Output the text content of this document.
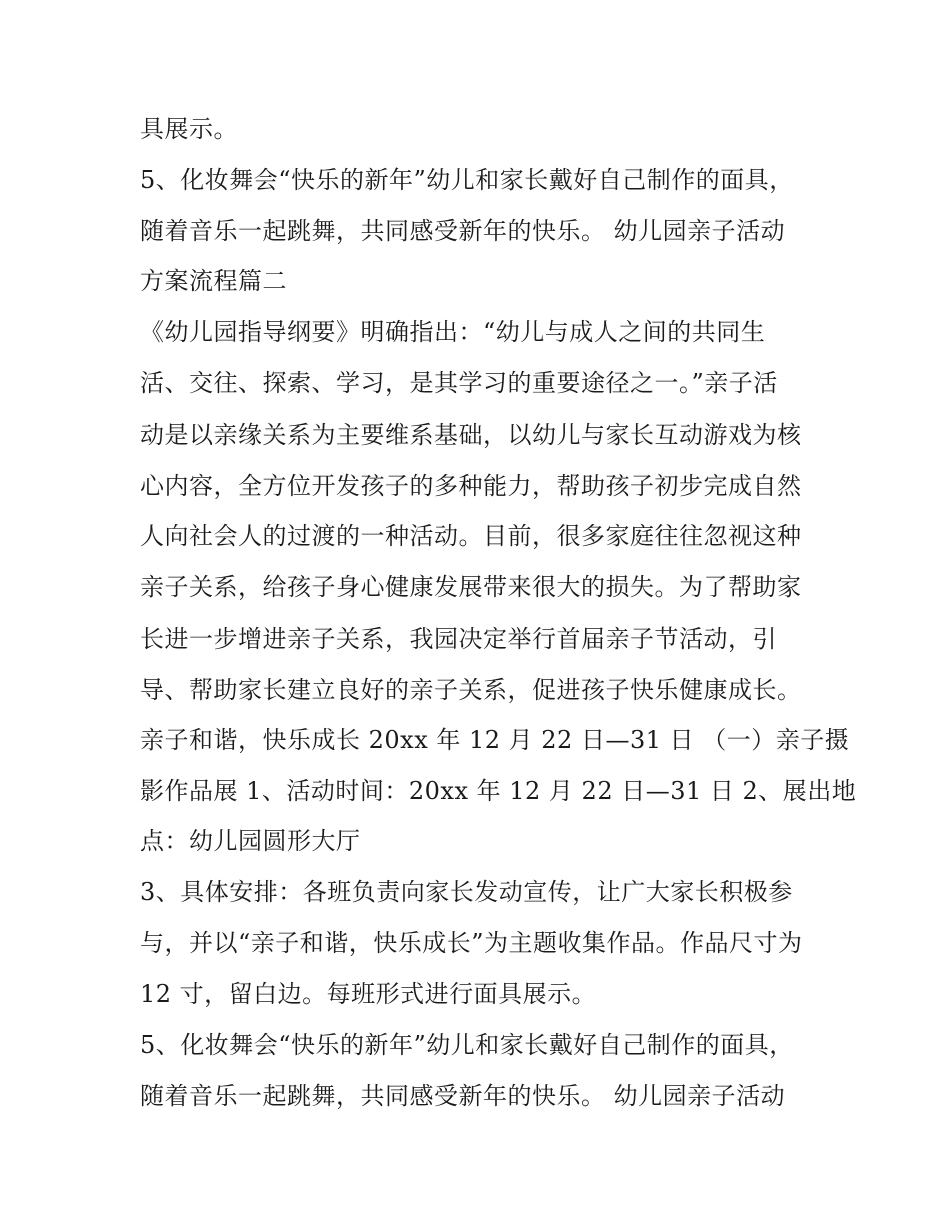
具展示。
5、化妆舞会“快乐的新年”幼儿和家长戴好自己制作的面具，
随着音乐一起跳舞，共同感受新年的快乐。 幼儿园亲子活动
方案流程篇二
《幼儿园指导纲要》明确指出：“幼儿与成人之间的共同生
活、交往、探索、学习，是其学习的重要途径之一。”亲子活
动是以亲缘关系为主要维系基础，以幼儿与家长互动游戏为核
心内容，全方位开发孩子的多种能力，帮助孩子初步完成自然
人向社会人的过渡的一种活动。目前，很多家庭往往忽视这种
亲子关系，给孩子身心健康发展带来很大的损失。为了帮助家
长进一步增进亲子关系，我园决定举行首届亲子节活动，引
导、帮助家长建立良好的亲子关系，促进孩子快乐健康成长。
亲子和谐，快乐成长 20xx 年 12 月 22 日—31 日 （一）亲子摄
影作品展 1、活动时间：20xx 年 12 月 22 日—31 日 2、展出地
点：幼儿园圆形大厅
3、具体安排：各班负责向家长发动宣传，让广大家长积极参
与，并以“亲子和谐，快乐成长”为主题收集作品。作品尺寸为
12 寸，留白边。每班形式进行面具展示。
5、化妆舞会“快乐的新年”幼儿和家长戴好自己制作的面具，
随着音乐一起跳舞，共同感受新年的快乐。 幼儿园亲子活动
